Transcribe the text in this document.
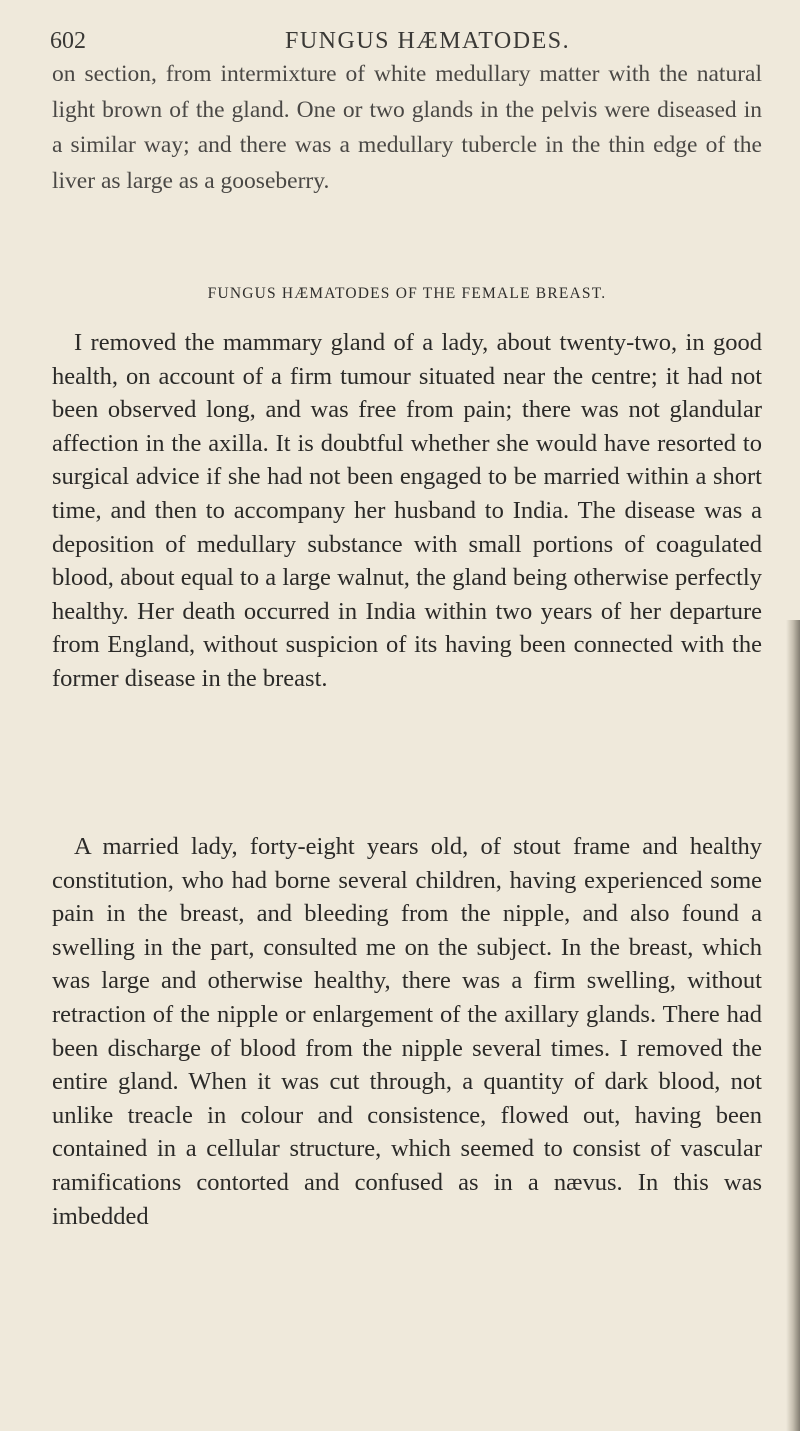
602	FUNGUS HÆMATODES.

on section, from intermixture of white medullary matter with the natural light brown of the gland. One or two glands in the pelvis were diseased in a similar way; and there was a medullary tubercle in the thin edge of the liver as large as a gooseberry.

FUNGUS HÆMATODES OF THE FEMALE BREAST.

I removed the mammary gland of a lady, about twenty-two, in good health, on account of a firm tumour situated near the centre; it had not been observed long, and was free from pain; there was not glandular affection in the axilla. It is doubtful whether she would have resorted to surgical advice if she had not been engaged to be married within a short time, and then to accompany her husband to India. The disease was a deposition of medullary substance with small portions of coagulated blood, about equal to a large walnut, the gland being otherwise perfectly healthy. Her death occurred in India within two years of her departure from England, without suspicion of its having been connected with the former disease in the breast.

A married lady, forty-eight years old, of stout frame and healthy constitution, who had borne several children, having experienced some pain in the breast, and bleeding from the nipple, and also found a swelling in the part, consulted me on the subject. In the breast, which was large and otherwise healthy, there was a firm swelling, without retraction of the nipple or enlargement of the axillary glands. There had been discharge of blood from the nipple several times. I removed the entire gland. When it was cut through, a quantity of dark blood, not unlike treacle in colour and consistence, flowed out, having been contained in a cellular structure, which seemed to consist of vascular ramifications contorted and confused as in a nævus. In this was imbedded
